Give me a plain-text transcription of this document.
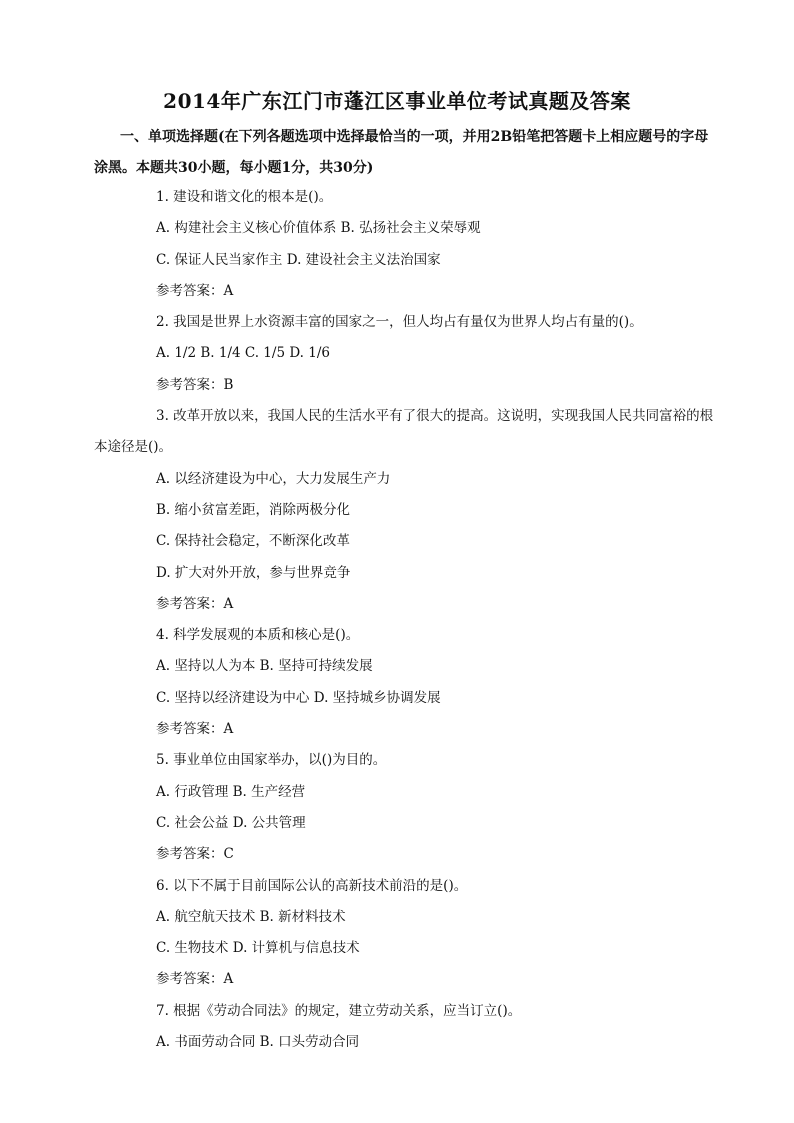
2014年广东江门市蓬江区事业单位考试真题及答案
一、单项选择题(在下列各题选项中选择最恰当的一项，并用2B铅笔把答题卡上相应题号的字母涂黑。本题共30小题，每小题1分，共30分)
1. 建设和谐文化的根本是()。
A. 构建社会主义核心价值体系 B. 弘扬社会主义荣辱观
C. 保证人民当家作主 D. 建设社会主义法治国家
参考答案：A
2. 我国是世界上水资源丰富的国家之一，但人均占有量仅为世界人均占有量的()。
A. 1/2 B. 1/4 C. 1/5 D. 1/6
参考答案：B
3. 改革开放以来，我国人民的生活水平有了很大的提高。这说明，实现我国人民共同富裕的根本途径是()。
A. 以经济建设为中心，大力发展生产力
B. 缩小贫富差距，消除两极分化
C. 保持社会稳定，不断深化改革
D. 扩大对外开放，参与世界竞争
参考答案：A
4. 科学发展观的本质和核心是()。
A. 坚持以人为本 B. 坚持可持续发展
C. 坚持以经济建设为中心 D. 坚持城乡协调发展
参考答案：A
5. 事业单位由国家举办，以()为目的。
A. 行政管理 B. 生产经营
C. 社会公益 D. 公共管理
参考答案：C
6. 以下不属于目前国际公认的高新技术前沿的是()。
A. 航空航天技术 B. 新材料技术
C. 生物技术 D. 计算机与信息技术
参考答案：A
7. 根据《劳动合同法》的规定，建立劳动关系，应当订立()。
A. 书面劳动合同 B. 口头劳动合同
